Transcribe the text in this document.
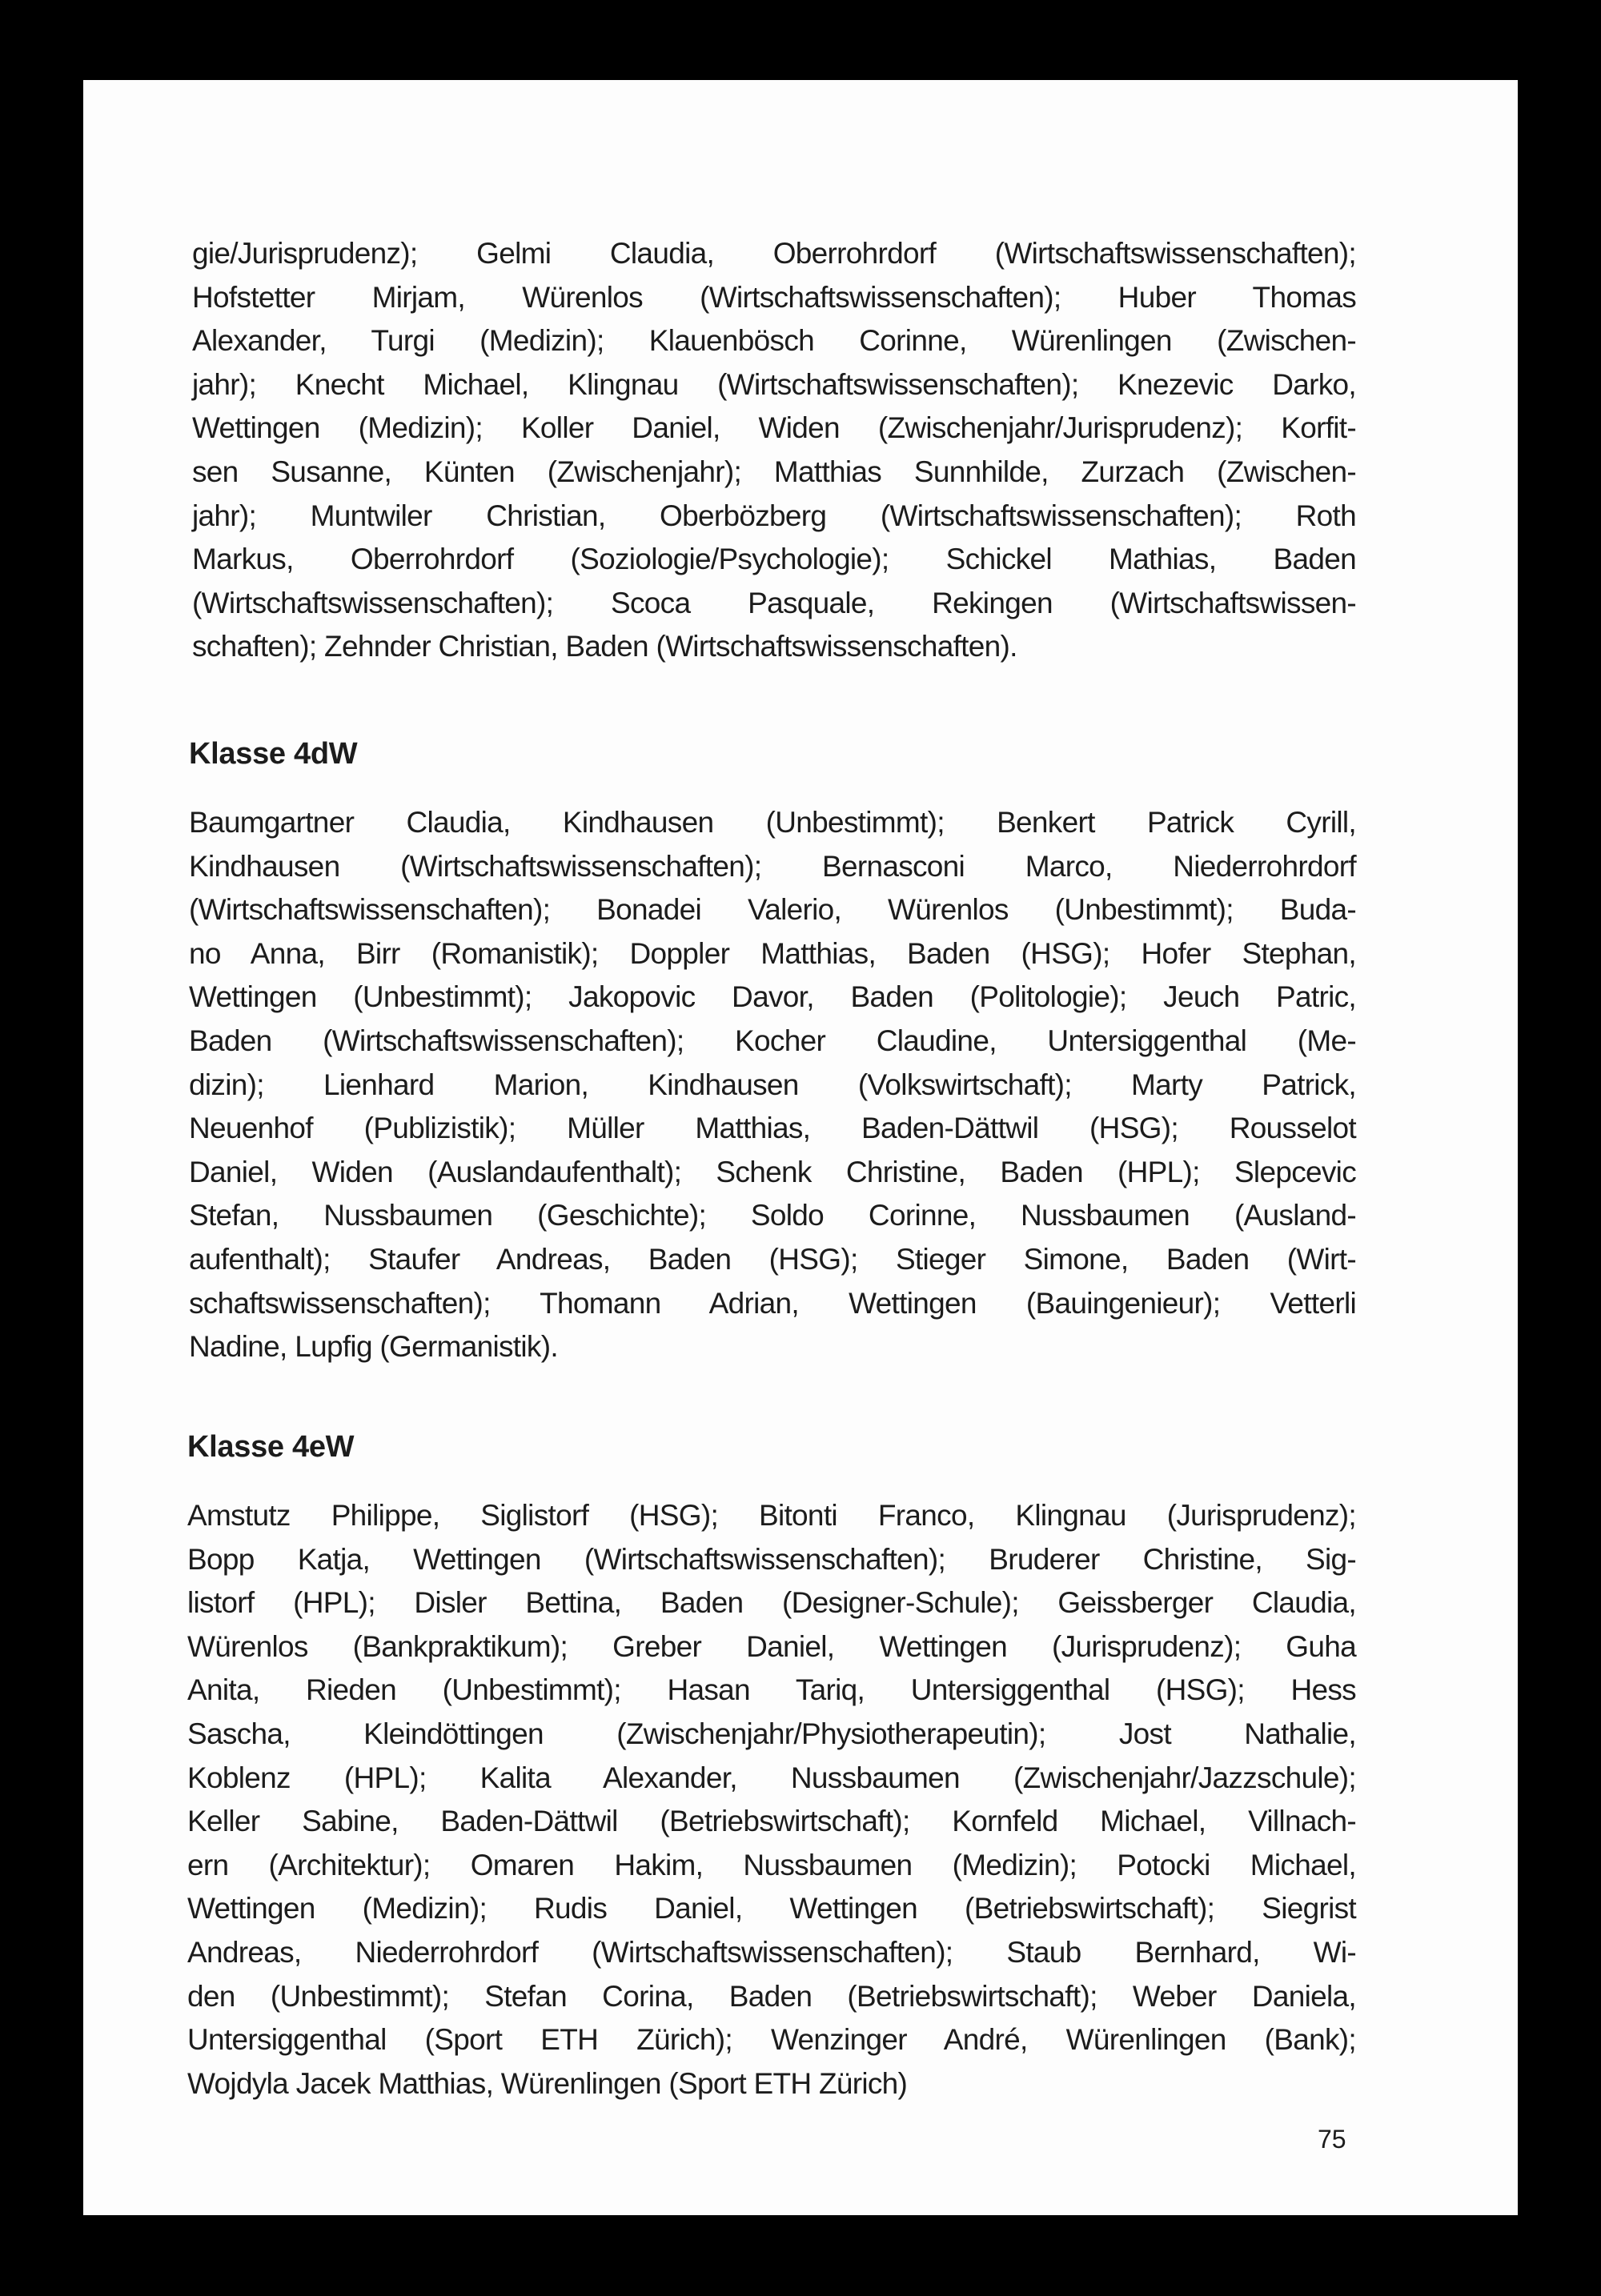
gie/Jurisprudenz); Gelmi Claudia, Oberrohrdorf (Wirtschaftswissenschaften);
Hofstetter Mirjam, Würenlos (Wirtschaftswissenschaften); Huber Thomas
Alexander, Turgi (Medizin); Klauenbösch Corinne, Würenlingen (Zwischen-
jahr); Knecht Michael, Klingnau (Wirtschaftswissenschaften); Knezevic Darko,
Wettingen (Medizin); Koller Daniel, Widen (Zwischenjahr/Jurisprudenz); Korfit-
sen Susanne, Künten (Zwischenjahr); Matthias Sunnhilde, Zurzach (Zwischen-
jahr); Muntwiler Christian, Oberbözberg (Wirtschaftswissenschaften); Roth
Markus, Oberrohrdorf (Soziologie/Psychologie); Schickel Mathias, Baden
(Wirtschaftswissenschaften); Scoca Pasquale, Rekingen (Wirtschaftswissen-
schaften); Zehnder Christian, Baden (Wirtschaftswissenschaften).
Klasse 4dW
Baumgartner Claudia, Kindhausen (Unbestimmt); Benkert Patrick Cyrill,
Kindhausen (Wirtschaftswissenschaften); Bernasconi Marco, Niederrohrdorf
(Wirtschaftswissenschaften); Bonadei Valerio, Würenlos (Unbestimmt); Buda-
no Anna, Birr (Romanistik); Doppler Matthias, Baden (HSG); Hofer Stephan,
Wettingen (Unbestimmt); Jakopovic Davor, Baden (Politologie); Jeuch Patric,
Baden (Wirtschaftswissenschaften); Kocher Claudine, Untersiggenthal (Me-
dizin); Lienhard Marion, Kindhausen (Volkswirtschaft); Marty Patrick,
Neuenhof (Publizistik); Müller Matthias, Baden-Dättwil (HSG); Rousselot
Daniel, Widen (Auslandaufenthalt); Schenk Christine, Baden (HPL); Slepcevic
Stefan, Nussbaumen (Geschichte); Soldo Corinne, Nussbaumen (Ausland-
aufenthalt); Staufer Andreas, Baden (HSG); Stieger Simone, Baden (Wirt-
schaftswissenschaften); Thomann Adrian, Wettingen (Bauingenieur); Vetterli
Nadine, Lupfig (Germanistik).
Klasse 4eW
Amstutz Philippe, Siglistorf (HSG); Bitonti Franco, Klingnau (Jurisprudenz);
Bopp Katja, Wettingen (Wirtschaftswissenschaften); Bruderer Christine, Sig-
listorf (HPL); Disler Bettina, Baden (Designer-Schule); Geissberger Claudia,
Würenlos (Bankpraktikum); Greber Daniel, Wettingen (Jurisprudenz); Guha
Anita, Rieden (Unbestimmt); Hasan Tariq, Untersiggenthal (HSG); Hess
Sascha, Kleindöttingen (Zwischenjahr/Physiotherapeutin); Jost Nathalie,
Koblenz (HPL); Kalita Alexander, Nussbaumen (Zwischenjahr/Jazzschule);
Keller Sabine, Baden-Dättwil (Betriebswirtschaft); Kornfeld Michael, Villnach-
ern (Architektur); Omaren Hakim, Nussbaumen (Medizin); Potocki Michael,
Wettingen (Medizin); Rudis Daniel, Wettingen (Betriebswirtschaft); Siegrist
Andreas, Niederrohrdorf (Wirtschaftswissenschaften); Staub Bernhard, Wi-
den (Unbestimmt); Stefan Corina, Baden (Betriebswirtschaft); Weber Daniela,
Untersiggenthal (Sport ETH Zürich); Wenzinger André, Würenlingen (Bank);
Wojdyla Jacek Matthias, Würenlingen (Sport ETH Zürich)
75
